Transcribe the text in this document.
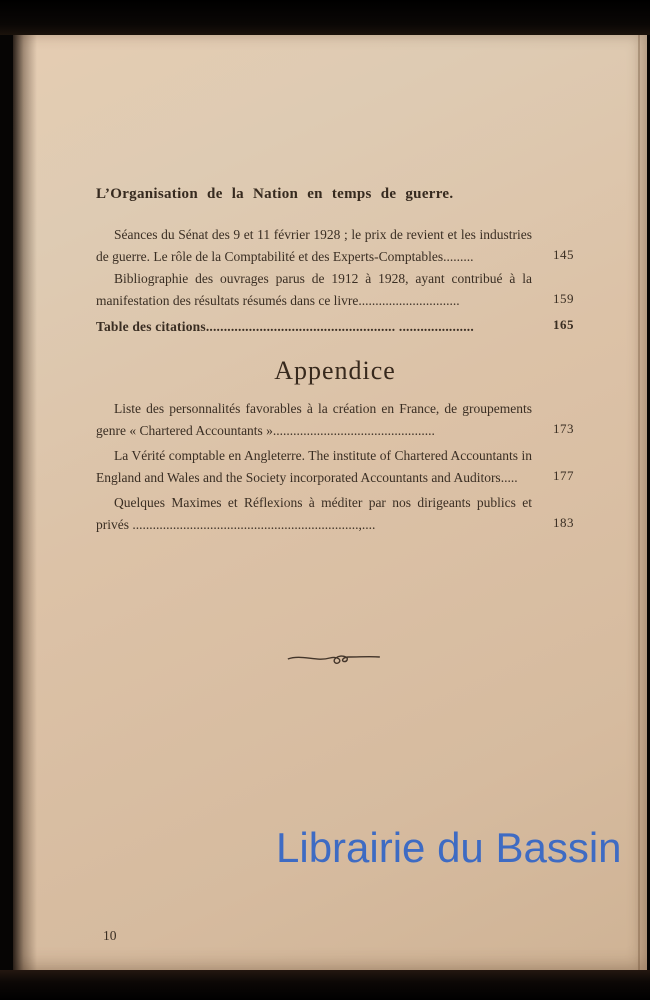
L’Organisation de la Nation en temps de guerre.
Séances du Sénat des 9 et 11 février 1928 ; le prix de revient et les industries de guerre. Le rôle de la Comptabilité et des Experts-Comptables.........	145
Bibliographie des ouvrages parus de 1912 à 1928, ayant contribué à la manifestation des résultats résumés dans ce livre..............................	159
Table des citations..................................................... .....................	165
Appendice
Liste des personnalités favorables à la création en France, de groupements genre « Chartered Accountants »................................................	173
La Vérité comptable en Angleterre. The institute of Chartered Accountants in England and Wales and the Society incorporated Accountants and Auditors.....	177
Quelques Maximes et Réflexions à méditer par nos dirigeants publics et privés ...................................................................,....	183
10
Librairie du Bassin
